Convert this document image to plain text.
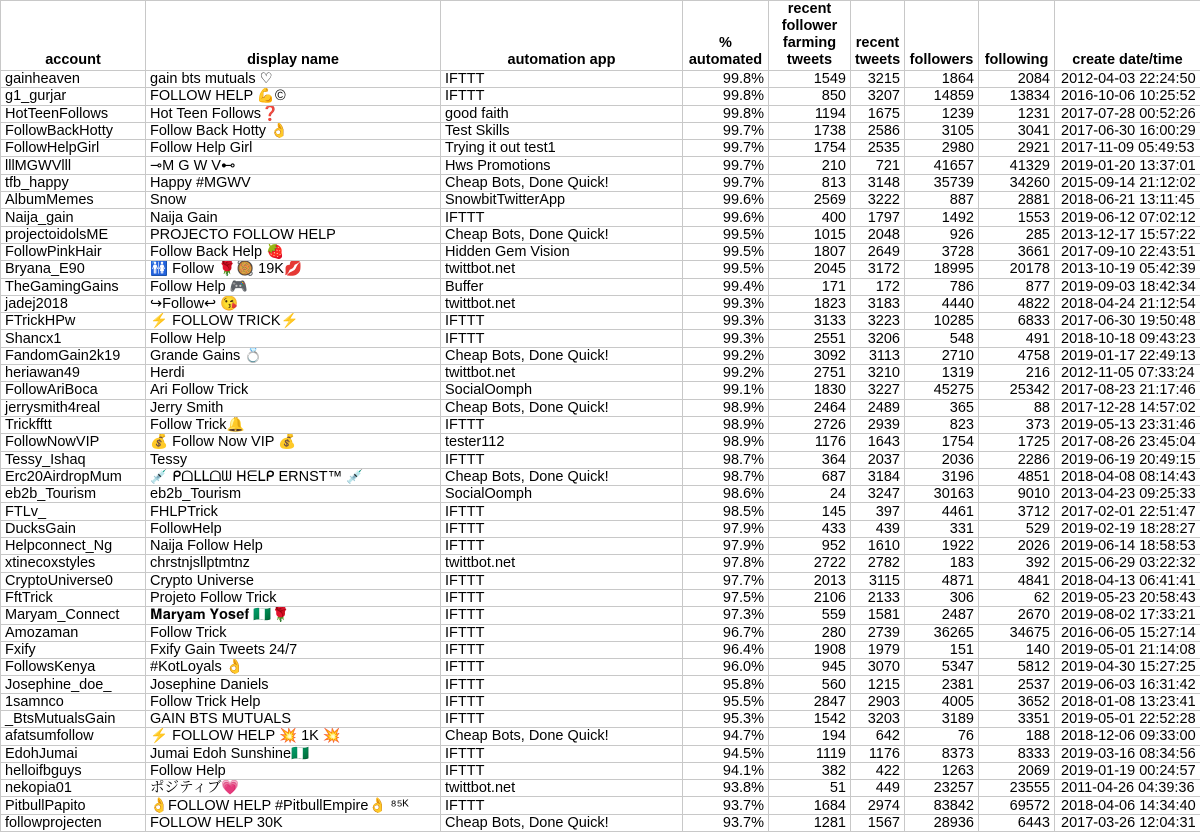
account	display name	automation app	% automated	recent follower farming tweets	recent tweets	followers	following	create date/time
gainheaven	gain bts mutuals ♡	IFTTT	99.8%	1549	3215	1864	2084	2012-04-03 22:24:50
g1_gurjar	FOLLOW HELP 💪©	IFTTT	99.8%	850	3207	14859	13834	2016-10-06 10:25:52
HotTeenFollows	Hot Teen Follows❓	good faith	99.8%	1194	1675	1239	1231	2017-07-28 00:52:26
FollowBackHotty	Follow Back Hotty 👌	Test Skills	99.7%	1738	2586	3105	3041	2017-06-30 16:00:29
FollowHelpGirl	Follow Help Girl	Trying it out test1	99.7%	1754	2535	2980	2921	2017-11-09 05:49:53
lllMGWVlll	⊸M G W V⊷	Hws Promotions	99.7%	210	721	41657	41329	2019-01-20 13:37:01
tfb_happy	Happy #MGWV	Cheap Bots, Done Quick!	99.7%	813	3148	35739	34260	2015-09-14 21:12:02
AlbumMemes	Snow	SnowbitTwitterApp	99.6%	2569	3222	887	2881	2018-06-21 13:11:45
Naija_gain	Naija Gain	IFTTT	99.6%	400	1797	1492	1553	2019-06-12 07:02:12
projectoidolsME	PROJECTO FOLLOW HELP	Cheap Bots, Done Quick!	99.5%	1015	2048	926	285	2013-12-17 15:57:22
FollowPinkHair	Follow Back Help 🍓	Hidden Gem Vision	99.5%	1807	2649	3728	3661	2017-09-10 22:43:51
Bryana_E90	🚻 Follow 🌹🥘 19K💋	twittbot.net	99.5%	2045	3172	18995	20178	2013-10-19 05:42:39
TheGamingGains	Follow Help 🎮	Buffer	99.4%	171	172	786	877	2019-09-03 18:42:34
jadej2018	↪Follow↩ 😘	twittbot.net	99.3%	1823	3183	4440	4822	2018-04-24 21:12:54
FTrickHPw	⚡ FOLLOW TRICK⚡	IFTTT	99.3%	3133	3223	10285	6833	2017-06-30 19:50:48
Shancx1	Follow Help	IFTTT	99.3%	2551	3206	548	491	2018-10-18 09:43:23
FandomGain2k19	Grande Gains 💍	Cheap Bots, Done Quick!	99.2%	3092	3113	2710	4758	2019-01-17 22:49:13
heriawan49	Herdi	twittbot.net	99.2%	2751	3210	1319	216	2012-11-05 07:33:24
FollowAriBoca	Ari Follow Trick	SocialOomph	99.1%	1830	3227	45275	25342	2017-08-23 21:17:46
jerrysmith4real	Jerry Smith	Cheap Bots, Done Quick!	98.9%	2464	2489	365	88	2017-12-28 14:57:02
Trickfftt	Follow Trick🔔	IFTTT	98.9%	2726	2939	823	373	2019-05-13 23:31:46
FollowNowVIP	💰 Follow Now VIP 💰	tester112	98.9%	1176	1643	1754	1725	2017-08-26 23:45:04
Tessy_Ishaq	Tessy	IFTTT	98.7%	364	2037	2036	2286	2019-06-19 20:49:15
Erc20AirdropMum	💉 ᑭᗝᒪᒪᗝᗯ ᕼᗴᒪᑭ ERNST™ 💉	Cheap Bots, Done Quick!	98.7%	687	3184	3196	4851	2018-04-08 08:14:43
eb2b_Tourism	eb2b_Tourism	SocialOomph	98.6%	24	3247	30163	9010	2013-04-23 09:25:33
FTLv_	FHLPTrick	IFTTT	98.5%	145	397	4461	3712	2017-02-01 22:51:47
DucksGain	FollowHelp	IFTTT	97.9%	433	439	331	529	2019-02-19 18:28:27
Helpconnect_Ng	Naija Follow Help	IFTTT	97.9%	952	1610	1922	2026	2019-06-14 18:58:53
xtinecoxstyles	chrstnjsllptmtnz	twittbot.net	97.8%	2722	2782	183	392	2015-06-29 03:22:32
CryptoUniverse0	Crypto Universe	IFTTT	97.7%	2013	3115	4871	4841	2018-04-13 06:41:41
FftTrick	Projeto Follow Trick	IFTTT	97.5%	2106	2133	306	62	2019-05-23 20:58:43
Maryam_Connect	𝐌𝐚𝐫𝐲𝐚𝐦 𝐘𝐨𝐬𝐞𝐟 🇳🇬🌹	IFTTT	97.3%	559	1581	2487	2670	2019-08-02 17:33:21
Amozaman	Follow Trick	IFTTT	96.7%	280	2739	36265	34675	2016-06-05 15:27:14
Fxify	Fxify Gain Tweets 24/7	IFTTT	96.4%	1908	1979	151	140	2019-05-01 21:14:08
FollowsKenya	#KotLoyals 👌	IFTTT	96.0%	945	3070	5347	5812	2019-04-30 15:27:25
Josephine_doe_	Josephine Daniels	IFTTT	95.8%	560	1215	2381	2537	2019-06-03 16:31:42
1samnco	Follow Trick Help	IFTTT	95.5%	2847	2903	4005	3652	2018-01-08 13:23:41
_BtsMutualsGain	GAIN BTS MUTUALS	IFTTT	95.3%	1542	3203	3189	3351	2019-05-01 22:52:28
afatsumfollow	⚡ FOLLOW HELP 💥 1K 💥	Cheap Bots, Done Quick!	94.7%	194	642	76	188	2018-12-06 09:33:00
EdohJumai	Jumai Edoh Sunshine🇳🇬	IFTTT	94.5%	1119	1176	8373	8333	2019-03-16 08:34:56
helloifbguys	Follow Help	IFTTT	94.1%	382	422	1263	2069	2019-01-19 00:24:57
nekopia01	ポジティブ💗	twittbot.net	93.8%	51	449	23257	23555	2011-04-26 04:39:36
PitbullPapito	👌FOLLOW HELP #PitbullEmpire👌 ⁸⁵ᴷ	IFTTT	93.7%	1684	2974	83842	69572	2018-04-06 14:34:40
followprojecten	FOLLOW HELP 30K	Cheap Bots, Done Quick!	93.7%	1281	1567	28936	6443	2017-03-26 12:04:31
